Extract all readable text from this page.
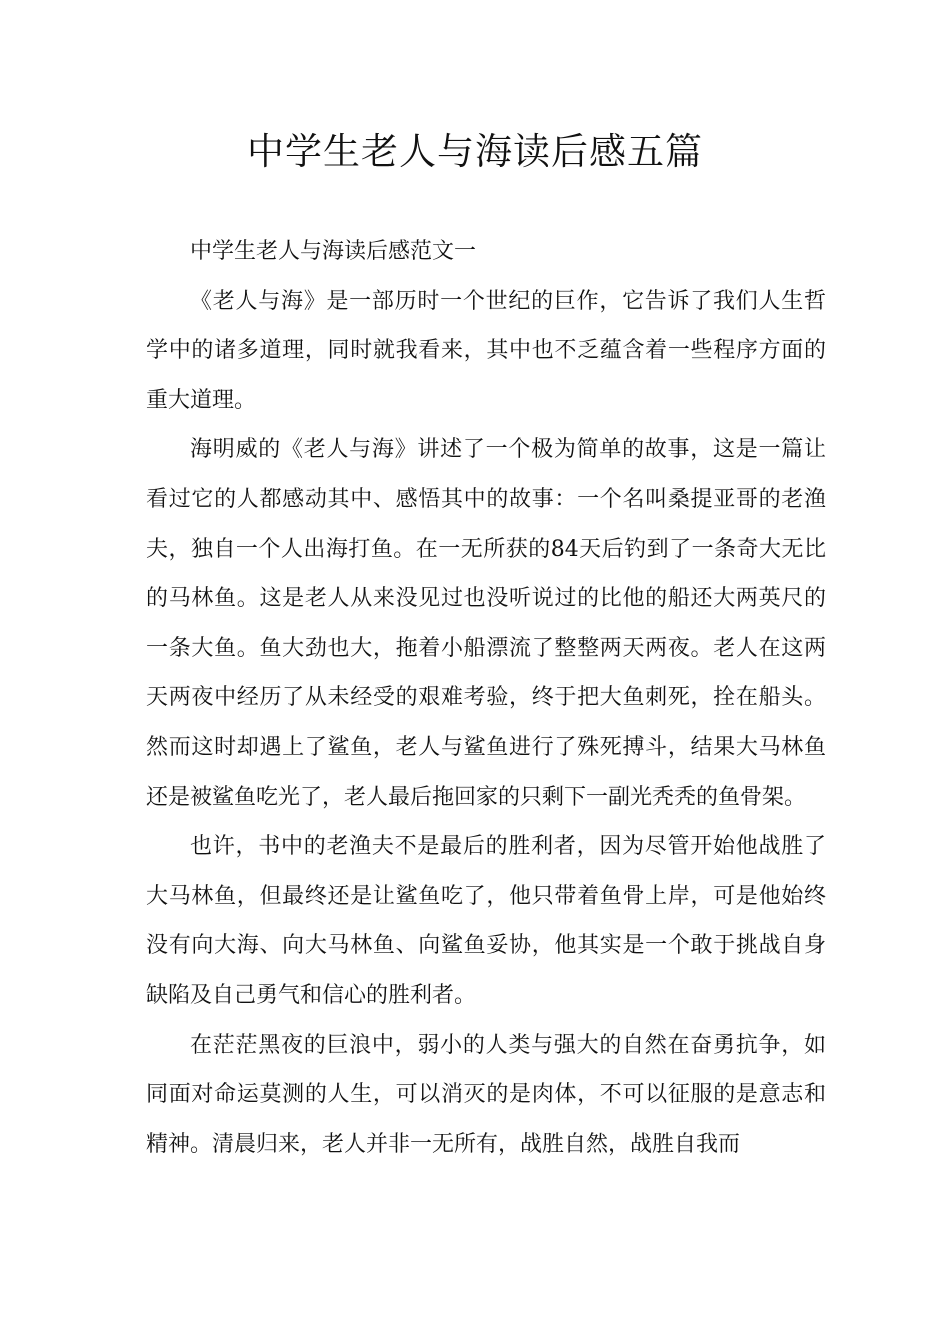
中学生老人与海读后感五篇

中学生老人与海读后感范文一

《老人与海》是一部历时一个世纪的巨作，它告诉了我们人生哲学中的诸多道理，同时就我看来，其中也不乏蕴含着一些程序方面的重大道理。

海明威的《老人与海》讲述了一个极为简单的故事，这是一篇让看过它的人都感动其中、感悟其中的故事：一个名叫桑提亚哥的老渔夫，独自一个人出海打鱼。在一无所获的84天后钓到了一条奇大无比的马林鱼。这是老人从来没见过也没听说过的比他的船还大两英尺的一条大鱼。鱼大劲也大，拖着小船漂流了整整两天两夜。老人在这两天两夜中经历了从未经受的艰难考验，终于把大鱼刺死，拴在船头。然而这时却遇上了鲨鱼，老人与鲨鱼进行了殊死搏斗，结果大马林鱼还是被鲨鱼吃光了，老人最后拖回家的只剩下一副光秃秃的鱼骨架。

也许，书中的老渔夫不是最后的胜利者，因为尽管开始他战胜了大马林鱼，但最终还是让鲨鱼吃了，他只带着鱼骨上岸，可是他始终没有向大海、向大马林鱼、向鲨鱼妥协，他其实是一个敢于挑战自身缺陷及自己勇气和信心的胜利者。

在茫茫黑夜的巨浪中，弱小的人类与强大的自然在奋勇抗争，如同面对命运莫测的人生，可以消灭的是肉体，不可以征服的是意志和精神。清晨归来，老人并非一无所有，战胜自然，战胜自我而
